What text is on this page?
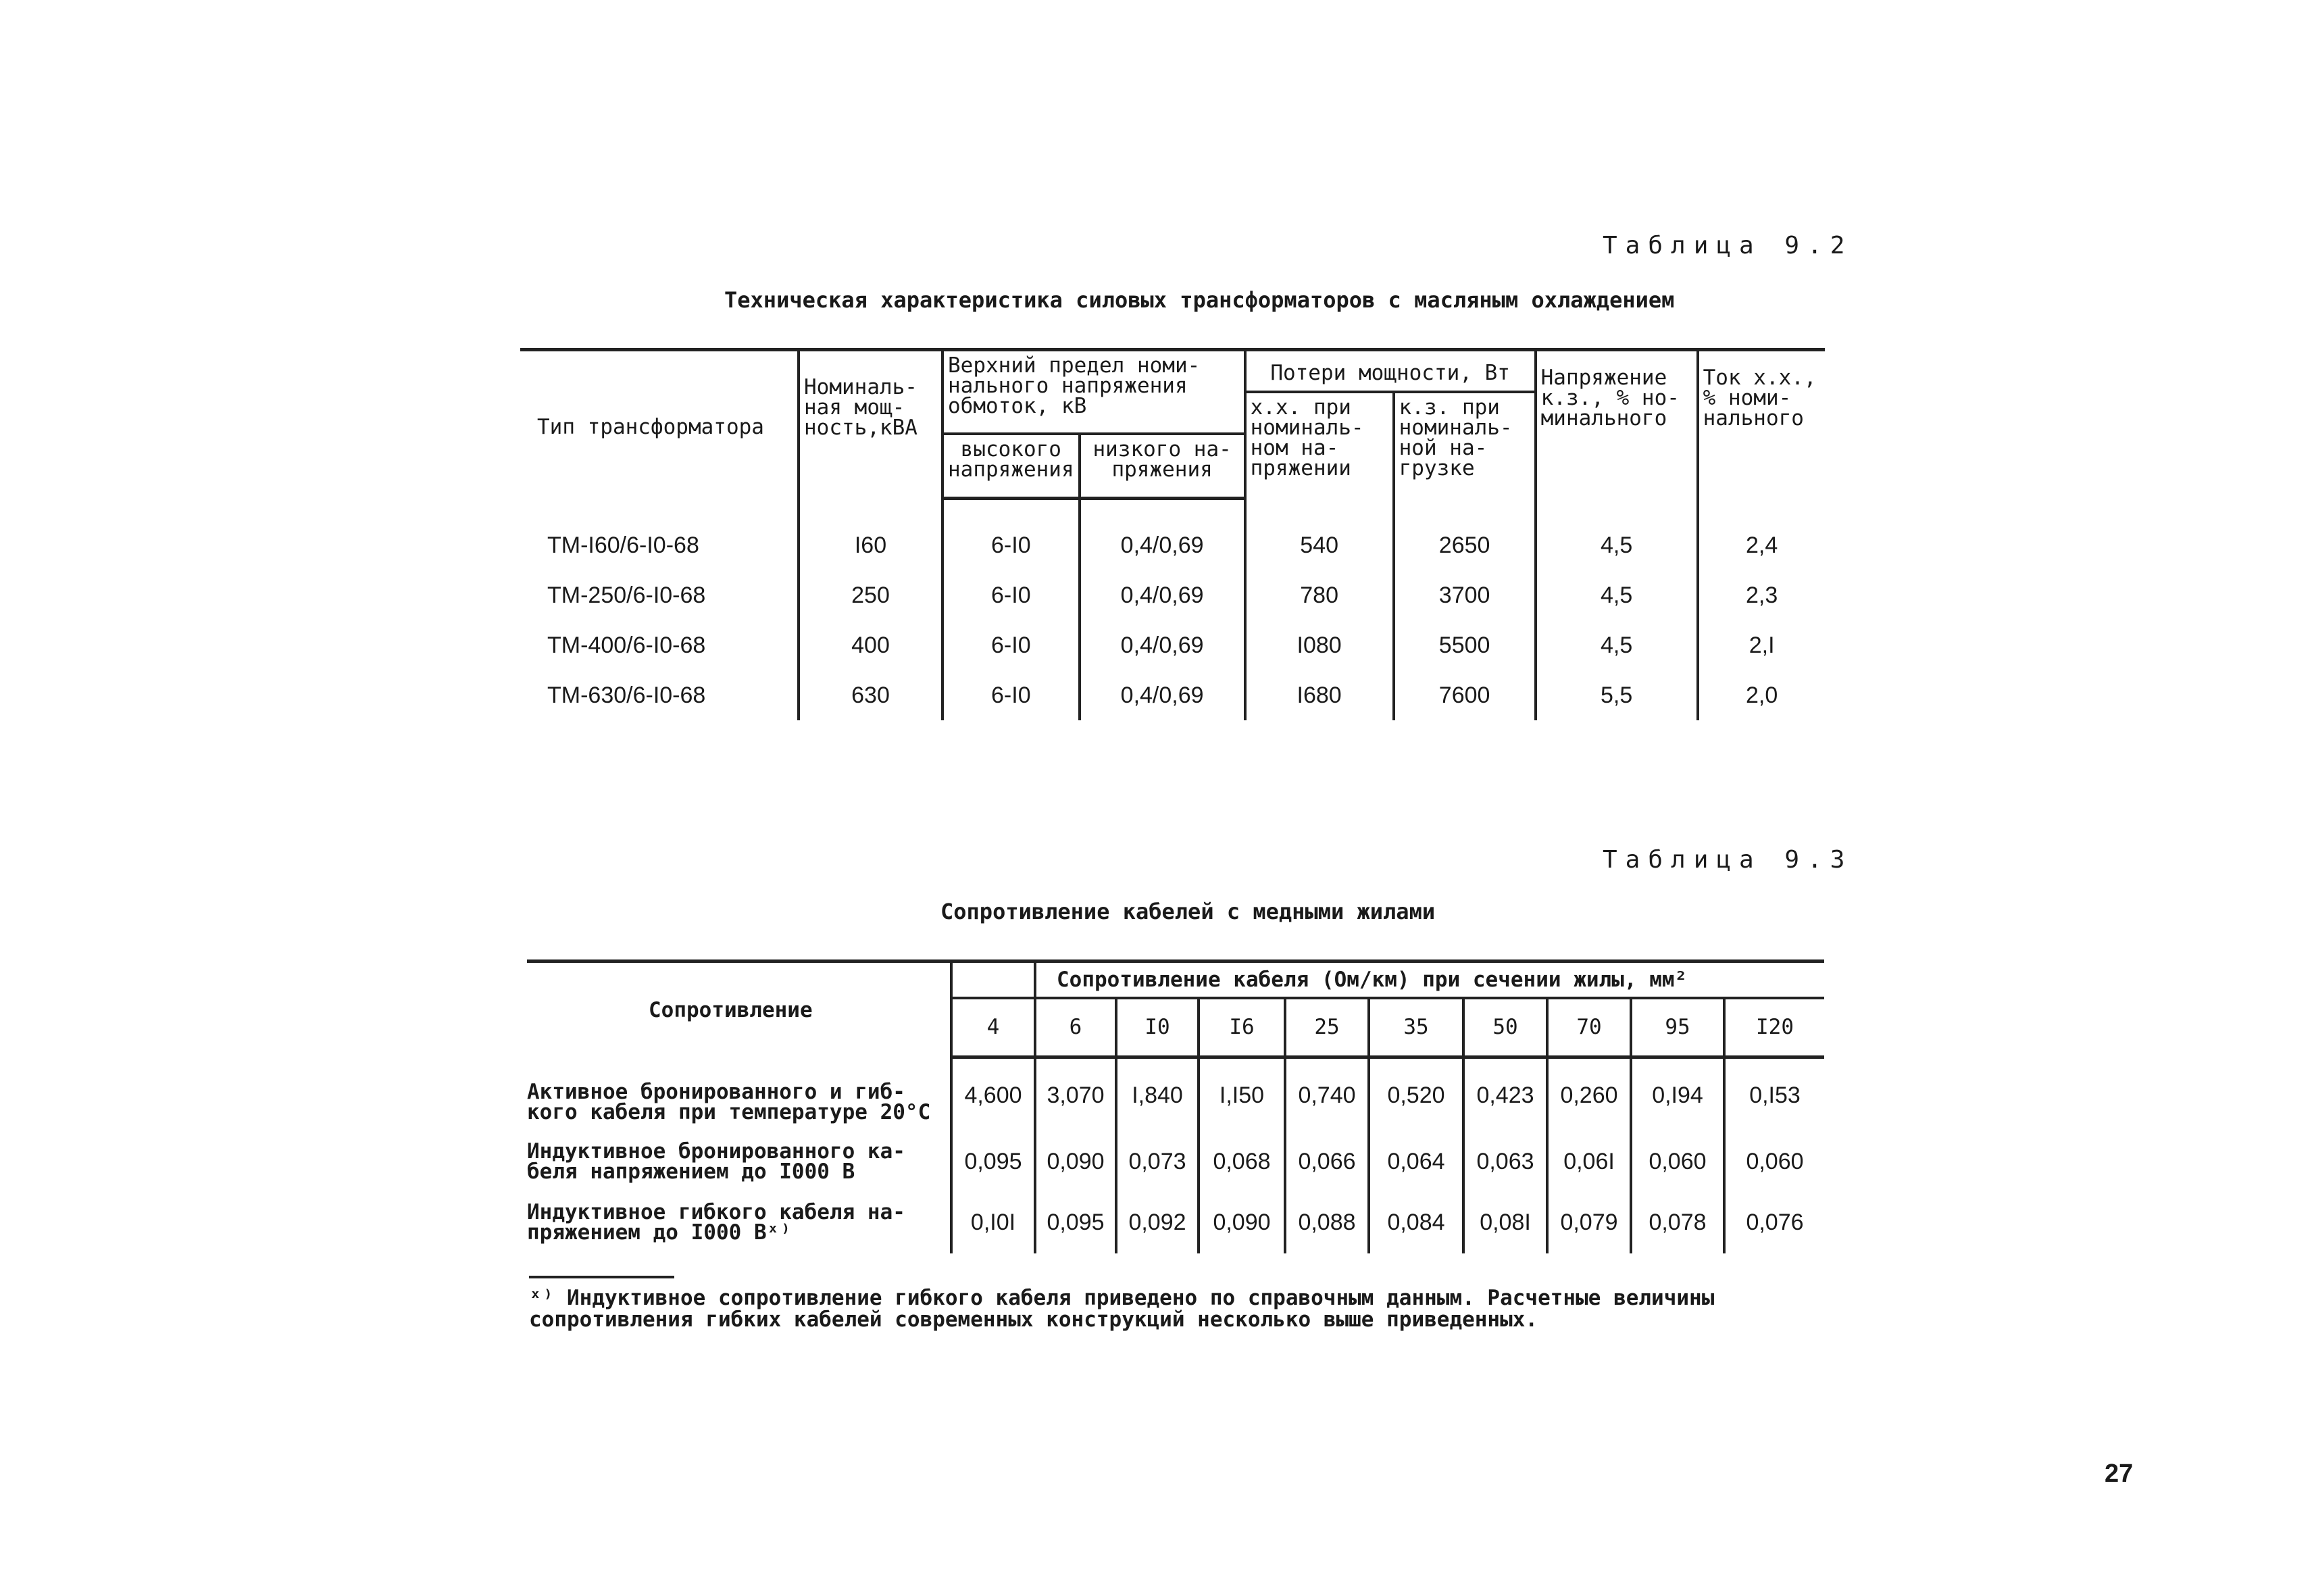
Таблица 9.2
Техническая характеристика силовых трансформаторов с масляным охлаждением
Тип трансформатора	Номиналь-ная мощ-ность,кВА	Верхний предел номи-нального напряжения обмоток, кВ		Потери мощности, Вт		Напряжение к.з., % но-минального	Ток х.х., % номи-нального
				х.х. при номиналь-ном на-пряжении	к.з. при номиналь-ной на-грузке		
		высокого напряжения	низкого на-пряжения				

ТМ-I60/6-I0-68	I60	6-I0	0,4/0,69	540	2650	4,5	2,4
ТМ-250/6-I0-68	250	6-I0	0,4/0,69	780	3700	4,5	2,3
ТМ-400/6-I0-68	400	6-I0	0,4/0,69	I080	5500	4,5	2,I
ТМ-630/6-I0-68	630	6-I0	0,4/0,69	I680	7600	5,5	2,0
Таблица 9.3
Сопротивление кабелей с медными жилами
Сопротивление		Сопротивление кабеля (Ом/км) при сечении жилы, мм²								
	4	6	I0	I6	25	35	50	70	95	I20

Активное бронированного и гиб-
кого кабеля при температуре 20°С	4,600	3,070	I,840	I,I50	0,740	0,520	0,423	0,260	0,I94	0,I53

Индуктивное бронированного ка-
беля напряжением до I000 В	0,095	0,090	0,073	0,068	0,066	0,064	0,063	0,06I	0,060	0,060

Индуктивное гибкого кабеля на-
пряжением до I000 Вˣ⁾	0,I0I	0,095	0,092	0,090	0,088	0,084	0,08I	0,079	0,078	0,076
ˣ⁾ Индуктивное сопротивление гибкого кабеля приведено по справочным данным. Расчетные величины сопротивления гибких кабелей современных конструкций несколько выше приведенных.
27
